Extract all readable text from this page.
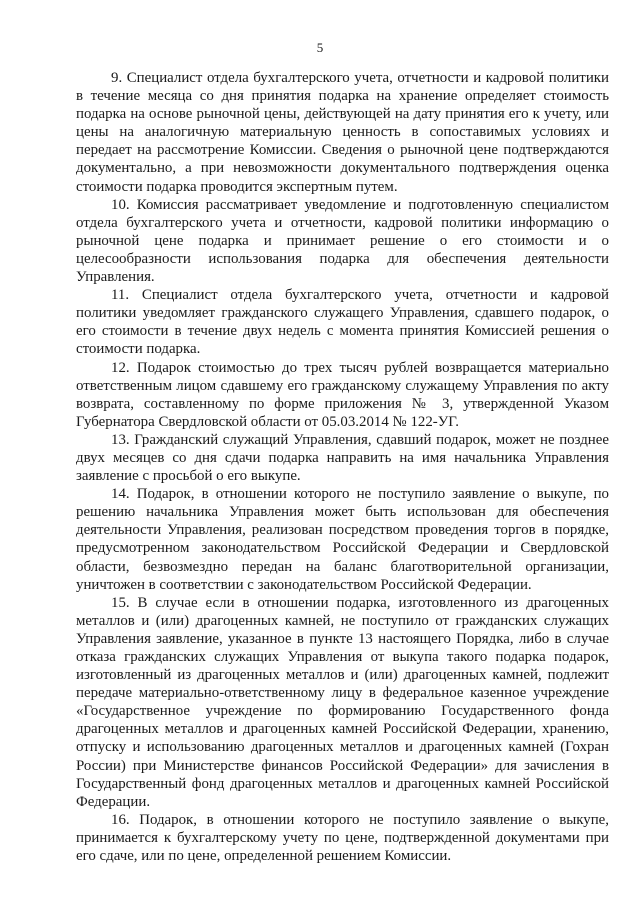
5

9. Специалист отдела бухгалтерского учета, отчетности и кадровой политики в течение месяца со дня принятия подарка на хранение определяет стоимость подарка на основе рыночной цены, действующей на дату принятия его к учету, или цены на аналогичную материальную ценность в сопоставимых условиях и передает на рассмотрение Комиссии. Сведения о рыночной цене подтверждаются документально, а при невозможности документального подтверждения оценка стоимости подарка проводится экспертным путем.

10. Комиссия рассматривает уведомление и подготовленную специалистом отдела бухгалтерского учета и отчетности, кадровой политики информацию о рыночной цене подарка и принимает решение о его стоимости и о целесообразности использования подарка для обеспечения деятельности Управления.

11. Специалист отдела бухгалтерского учета, отчетности и кадровой политики уведомляет гражданского служащего Управления, сдавшего подарок, о его стоимости в течение двух недель с момента принятия Комиссией решения о стоимости подарка.

12. Подарок стоимостью до трех тысяч рублей возвращается материально ответственным лицом сдавшему его гражданскому служащему Управления по акту возврата, составленному по форме приложения № 3, утвержденной Указом Губернатора Свердловской области от 05.03.2014 № 122-УГ.

13. Гражданский служащий Управления, сдавший подарок, может не позднее двух месяцев со дня сдачи подарка направить на имя начальника Управления заявление с просьбой о его выкупе.

14. Подарок, в отношении которого не поступило заявление о выкупе, по решению начальника Управления может быть использован для обеспечения деятельности Управления, реализован посредством проведения торгов в порядке, предусмотренном законодательством Российской Федерации и Свердловской области, безвозмездно передан на баланс благотворительной организации, уничтожен в соответствии с законодательством Российской Федерации.

15. В случае если в отношении подарка, изготовленного из драгоценных металлов и (или) драгоценных камней, не поступило от гражданских служащих Управления заявление, указанное в пункте 13 настоящего Порядка, либо в случае отказа гражданских служащих Управления от выкупа такого подарка подарок, изготовленный из драгоценных металлов и (или) драгоценных камней, подлежит передаче материально-ответственному лицу в федеральное казенное учреждение «Государственное учреждение по формированию Государственного фонда драгоценных металлов и драгоценных камней Российской Федерации, хранению, отпуску и использованию драгоценных металлов и драгоценных камней (Гохран России) при Министерстве финансов Российской Федерации» для зачисления в Государственный фонд драгоценных металлов и драгоценных камней Российской Федерации.

16. Подарок, в отношении которого не поступило заявление о выкупе, принимается к бухгалтерскому учету по цене, подтвержденной документами при его сдаче, или по цене, определенной решением Комиссии.
